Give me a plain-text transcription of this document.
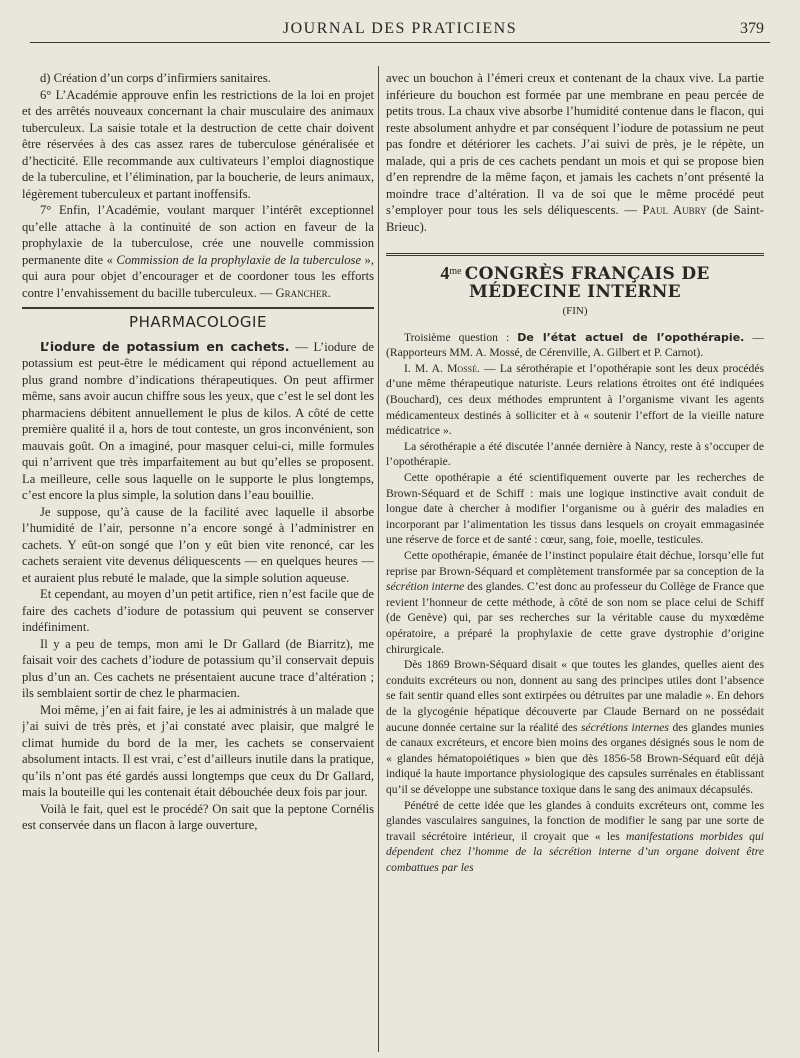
JOURNAL DES PRATICIENS	379

d) Création d’un corps d’infirmiers sanitaires.

6° L’Académie approuve enfin les restrictions de la loi en projet et des arrêtés nouveaux concernant la chair musculaire des animaux tuberculeux. La saisie totale et la destruction de cette chair doivent être réservées à des cas assez rares de tuberculose généralisée et d’hecticité. Elle recommande aux cultivateurs l’emploi diagnostique de la tuberculine, et l’élimination, par la boucherie, de leurs animaux, légèrement tuberculeux et partant inoffensifs.

7° Enfin, l’Académie, voulant marquer l’intérêt exceptionnel qu’elle attache à la continuité de son action en faveur de la prophylaxie de la tuberculose, crée une nouvelle commission permanente dite « Commission de la prophylaxie de la tuberculose », qui aura pour objet d’encourager et de coordoner tous les efforts contre l’envahissement du bacille tuberculeux. — Grancher.

PHARMACOLOGIE

L’iodure de potassium en cachets. — L’iodure de potassium est peut-être le médicament qui répond actuellement au plus grand nombre d’indications thérapeutiques. On peut affirmer même, sans avoir aucun chiffre sous les yeux, que c’est le sel dont les pharmaciens débitent annuellement le plus de kilos. A côté de cette première qualité il a, hors de tout conteste, un gros inconvénient, son mauvais goût. On a imaginé, pour masquer celui-ci, mille formules qui n’arrivent que très imparfaitement au but qu’elles se proposent. La meilleure, celle sous laquelle on le supporte le plus longtemps, c’est encore la plus simple, la solution dans l’eau bouillie.

Je suppose, qu’à cause de la facilité avec laquelle il absorbe l’humidité de l’air, personne n’a encore songé à l’administrer en cachets. Y eût-on songé que l’on y eût bien vite renoncé, car les cachets seraient vite devenus déliquescents — en quelques heures — et auraient plus rebuté le malade, que la simple solution aqueuse.

Et cependant, au moyen d’un petit artifice, rien n’est facile que de faire des cachets d’iodure de potassium qui peuvent se conserver indéfiniment.

Il y a peu de temps, mon ami le Dr Gallard (de Biarritz), me faisait voir des cachets d’iodure de potassium qu’il conservait depuis plus d’un an. Ces cachets ne présentaient aucune trace d’altération ; ils semblaient sortir de chez le pharmacien.

Moi même, j’en ai fait faire, je les ai administrés à un malade que j’ai suivi de très près, et j’ai constaté avec plaisir, que malgré le climat humide du bord de la mer, les cachets se conservaient absolument intacts. Il est vrai, c’est d’ailleurs inutile dans la pratique, qu’ils n’ont pas été gardés aussi longtemps que ceux du Dr Gallard, mais la bouteille qui les contenait était débouchée deux fois par jour.

Voilà le fait, quel est le procédé? On sait que la peptone Cornélis est conservée dans un flacon à large ouverture,

avec un bouchon à l’émeri creux et contenant de la chaux vive. La partie inférieure du bouchon est formée par une membrane en peau percée de petits trous. La chaux vive absorbe l’humidité contenue dans le flacon, qui reste absolument anhydre et par conséquent l’iodure de potassium ne peut pas fondre et détériorer les cachets. J’ai suivi de près, je le répète, un malade, qui a pris de ces cachets pendant un mois et qui se propose bien d’en reprendre de la même façon, et jamais les cachets n’ont présenté la moindre trace d’altération. Il va de soi que le même procédé peut s’employer pour tous les sels déliquescents. — Paul Aubry (de Saint-Brieuc).

$4^{me}$ CONGRÈS FRANÇAIS DE MÉDECINE INTERNE
(FIN)

Troisième question : De l’état actuel de l’opothérapie. — (Rapporteurs MM. A. Mossé, de Cérenville, A. Gilbert et P. Carnot).

I. M. A. Mossé. — La sérothérapie et l’opothérapie sont les deux procédés d’une même thérapeutique naturiste. Leurs relations étroites ont été indiquées (Bouchard), ces deux méthodes empruntent à l’organisme vivant les agents médicamenteux destinés à solliciter et à « soutenir l’effort de la vieille nature médicatrice ».

La sérothérapie a été discutée l’année dernière à Nancy, reste à s’occuper de l’opothérapie.

Cette opothérapie a été scientifiquement ouverte par les recherches de Brown-Séquard et de Schiff : mais une logique instinctive avait conduit de longue date à chercher à modifier l’organisme ou à guérir des maladies en incorporant par l’alimentation les tissus dans lesquels on croyait emmagasinée une réserve de force et de santé : cœur, sang, foie, moelle, testicules.

Cette opothérapie, émanée de l’instinct populaire était déchue, lorsqu’elle fut reprise par Brown-Séquard et complètement transformée par sa conception de la sécrétion interne des glandes. C’est donc au professeur du Collège de France que revient l’honneur de cette méthode, à côté de son nom se place celui de Schiff (de Genève) qui, par ses recherches sur la véritable cause du myxœdème opératoire, a préparé la prophylaxie de cette grave dystrophie d’origine chirurgicale.

Dès 1869 Brown-Séquard disait « que toutes les glandes, quelles aient des conduits excréteurs ou non, donnent au sang des principes utiles dont l’absence se fait sentir quand elles sont extirpées ou détruites par une maladie ». En dehors de la glycogénie hépatique découverte par Claude Bernard on ne possédait aucune donnée certaine sur la réalité des sécrétions internes des glandes munies de canaux excréteurs, et encore bien moins des organes désignés sous le nom de « glandes hématopoiétiques » bien que dès 1856-58 Brown-Séquard eût déjà indiqué la haute importance physiologique des capsules surrénales en établissant qu’il se développe une substance toxique dans le sang des animaux décapsulés.

Pénétré de cette idée que les glandes à conduits excréteurs ont, comme les glandes vasculaires sanguines, la fonction de modifier le sang par une sorte de travail sécrétoire intérieur, il croyait que « les manifestations morbides qui dépendent chez l’homme de la sécrétion interne d’un organe doivent être combattues par les
